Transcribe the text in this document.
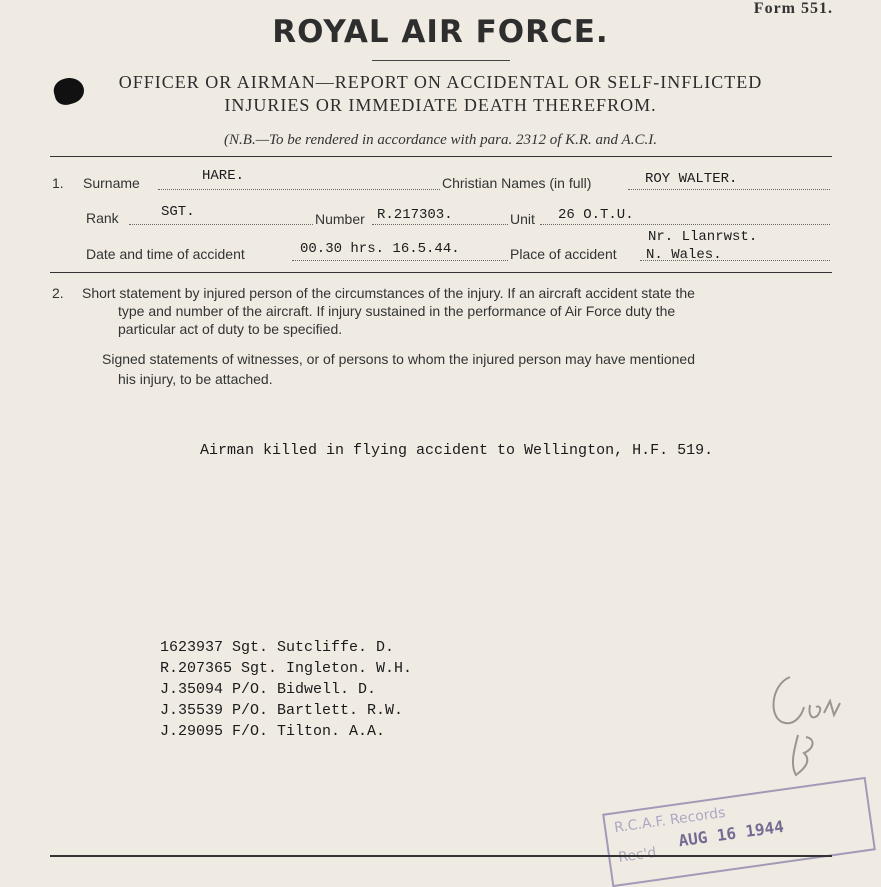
Form 551.
ROYAL AIR FORCE.
OFFICER OR AIRMAN—REPORT ON ACCIDENTAL OR SELF-INFLICTED
INJURIES OR IMMEDIATE DEATH THEREFROM.
(N.B.—To be rendered in accordance with para. 2312 of K.R. and A.C.I.
1. Surname	HARE.	Christian Names (in full)	ROY WALTER.
Rank	SGT.	Number R.217303.	Unit 26 O.T.U.
Date and time of accident	00.30 hrs. 16.5.44.	Place of accident
Nr. Llanrwst.
N. Wales.
2. Short statement by injured person of the circumstances of the injury. If an aircraft accident state the
type and number of the aircraft. If injury sustained in the performance of Air Force duty the
particular act of duty to be specified.
Signed statements of witnesses, or of persons to whom the injured person may have mentioned
his injury, to be attached.
Airman killed in flying accident to Wellington, H.F. 519.
1623937 Sgt. Sutcliffe. D.
R.207365 Sgt. Ingleton. W.H.
J.35094 P/O. Bidwell. D.
J.35539 P/O. Bartlett. R.W.
J.29095 F/O. Tilton. A.A.
R.C.A.F. Records
Rec'd
AUG 16 1944
